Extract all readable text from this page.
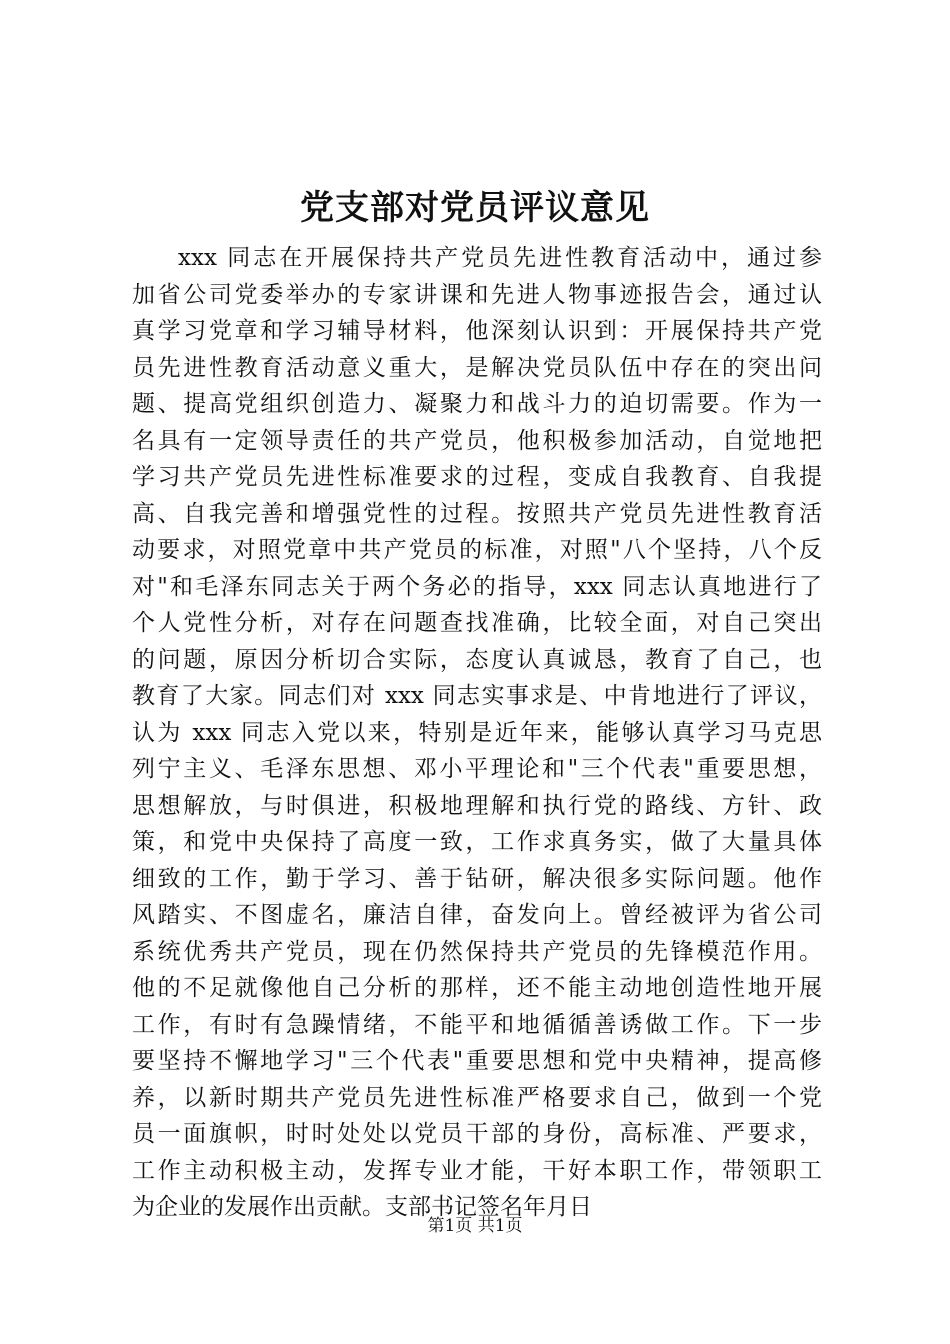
党支部对党员评议意见
xxx 同志在开展保持共产党员先进性教育活动中，通过参
加省公司党委举办的专家讲课和先进人物事迹报告会，通过认
真学习党章和学习辅导材料，他深刻认识到：开展保持共产党
员先进性教育活动意义重大，是解决党员队伍中存在的突出问
题、提高党组织创造力、凝聚力和战斗力的迫切需要。作为一
名具有一定领导责任的共产党员，他积极参加活动，自觉地把
学习共产党员先进性标准要求的过程，变成自我教育、自我提
高、自我完善和增强党性的过程。按照共产党员先进性教育活
动要求，对照党章中共产党员的标准，对照"八个坚持，八个反
对"和毛泽东同志关于两个务必的指导，xxx 同志认真地进行了
个人党性分析，对存在问题查找准确，比较全面，对自己突出
的问题，原因分析切合实际，态度认真诚恳，教育了自己，也
教育了大家。同志们对 xxx 同志实事求是、中肯地进行了评议，
认为 xxx 同志入党以来，特别是近年来，能够认真学习马克思
列宁主义、毛泽东思想、邓小平理论和"三个代表"重要思想，
思想解放，与时俱进，积极地理解和执行党的路线、方针、政
策，和党中央保持了高度一致，工作求真务实，做了大量具体
细致的工作，勤于学习、善于钻研，解决很多实际问题。他作
风踏实、不图虚名，廉洁自律，奋发向上。曾经被评为省公司
系统优秀共产党员，现在仍然保持共产党员的先锋模范作用。
他的不足就像他自己分析的那样，还不能主动地创造性地开展
工作，有时有急躁情绪，不能平和地循循善诱做工作。下一步
要坚持不懈地学习"三个代表"重要思想和党中央精神，提高修
养，以新时期共产党员先进性标准严格要求自己，做到一个党
员一面旗帜，时时处处以党员干部的身份，高标准、严要求，
工作主动积极主动，发挥专业才能，干好本职工作，带领职工
为企业的发展作出贡献。支部书记签名年月日
第1页 共1页
